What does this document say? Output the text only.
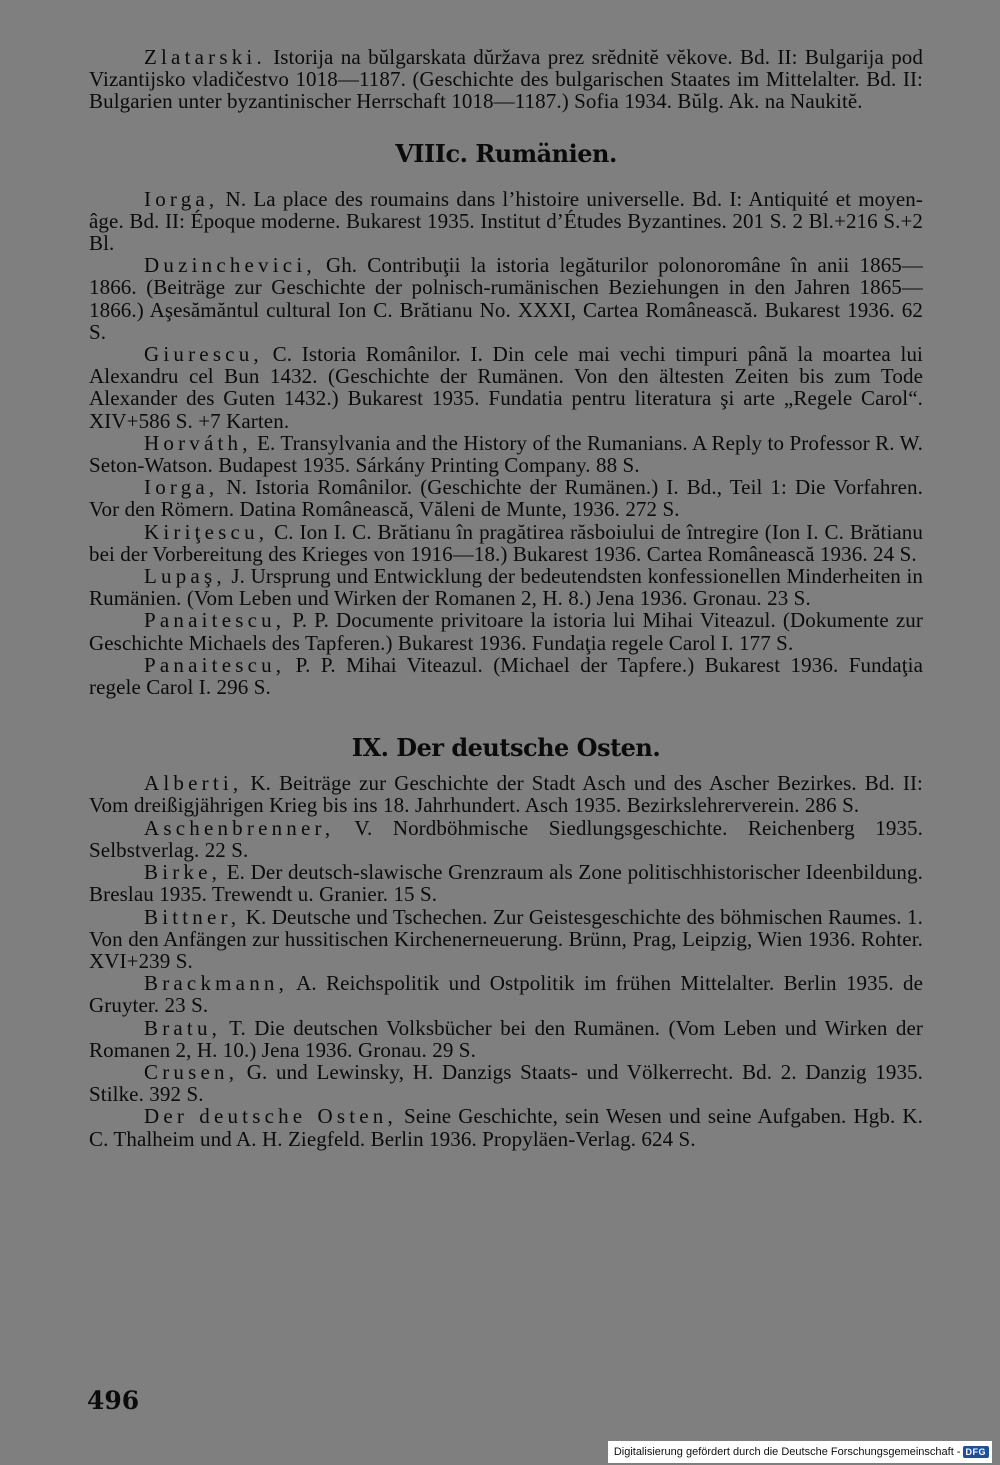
Zlatarski. Istorija na bŭlgarskata dŭržava prez srĕdnitĕ vĕkove. Bd. II: Bulgarija pod Vizantijsko vladičestvo 1018—1187. (Geschichte des bulgarischen Staates im Mittelalter. Bd. II: Bulgarien unter byzantinischer Herrschaft 1018—1187.) Sofia 1934. Bŭlg. Ak. na Naukitĕ.

VIIIc. Rumänien.

Iorga, N. La place des roumains dans l’histoire universelle. Bd. I: Antiquité et moyen-âge. Bd. II: Époque moderne. Bukarest 1935. Institut d’Études Byzantines. 201 S. 2 Bl.+216 S.+2 Bl.

Duzinchevici, Gh. Contribuţii la istoria legăturilor polonoromâne în anii 1865—1866. (Beiträge zur Geschichte der polnisch-rumänischen Beziehungen in den Jahren 1865—1866.) Aşesămăntul cultural Ion C. Brătianu No. XXXI, Cartea Românească. Bukarest 1936. 62 S.

Giurescu, C. Istoria Românilor. I. Din cele mai vechi timpuri până la moartea lui Alexandru cel Bun 1432. (Geschichte der Rumänen. Von den ältesten Zeiten bis zum Tode Alexander des Guten 1432.) Bukarest 1935. Fundatia pentru literatura şi arte „Regele Carol“. XIV+586 S. +7 Karten.

Horváth, E. Transylvania and the History of the Rumanians. A Reply to Professor R. W. Seton-Watson. Budapest 1935. Sárkány Printing Company. 88 S.

Iorga, N. Istoria Românilor. (Geschichte der Rumänen.) I. Bd., Teil 1: Die Vorfahren. Vor den Römern. Datina Românească, Văleni de Munte, 1936. 272 S.

Kiriţescu, C. Ion I. C. Brătianu în pragătirea răsboiului de întregire (Ion I. C. Brătianu bei der Vorbereitung des Krieges von 1916—18.) Bukarest 1936. Cartea Românească 1936. 24 S.

Lupaş, J. Ursprung und Entwicklung der bedeutendsten konfessionellen Minderheiten in Rumänien. (Vom Leben und Wirken der Romanen 2, H. 8.) Jena 1936. Gronau. 23 S.

Panaitescu, P. P. Documente privitoare la istoria lui Mihai Viteazul. (Dokumente zur Geschichte Michaels des Tapferen.) Bukarest 1936. Fundaţia regele Carol I. 177 S.

Panaitescu, P. P. Mihai Viteazul. (Michael der Tapfere.) Bukarest 1936. Fundaţia regele Carol I. 296 S.

IX. Der deutsche Osten.

Alberti, K. Beiträge zur Geschichte der Stadt Asch und des Ascher Bezirkes. Bd. II: Vom dreißigjährigen Krieg bis ins 18. Jahrhundert. Asch 1935. Bezirkslehrerverein. 286 S.

Aschenbrenner, V. Nordböhmische Siedlungsgeschichte. Reichenberg 1935. Selbstverlag. 22 S.

Birke, E. Der deutsch-slawische Grenzraum als Zone politischhistorischer Ideenbildung. Breslau 1935. Trewendt u. Granier. 15 S.

Bittner, K. Deutsche und Tschechen. Zur Geistesgeschichte des böhmischen Raumes. 1. Von den Anfängen zur hussitischen Kirchenerneuerung. Brünn, Prag, Leipzig, Wien 1936. Rohter. XVI+239 S.

Brackmann, A. Reichspolitik und Ostpolitik im frühen Mittelalter. Berlin 1935. de Gruyter. 23 S.

Bratu, T. Die deutschen Volksbücher bei den Rumänen. (Vom Leben und Wirken der Romanen 2, H. 10.) Jena 1936. Gronau. 29 S.

Crusen, G. und Lewinsky, H. Danzigs Staats- und Völkerrecht. Bd. 2. Danzig 1935. Stilke. 392 S.

Der deutsche Osten, Seine Geschichte, sein Wesen und seine Aufgaben. Hgb. K. C. Thalheim und A. H. Ziegfeld. Berlin 1936. Propyläen-Verlag. 624 S.

496
Digitalisierung gefördert durch die Deutsche Forschungsgemeinschaft - DFG
